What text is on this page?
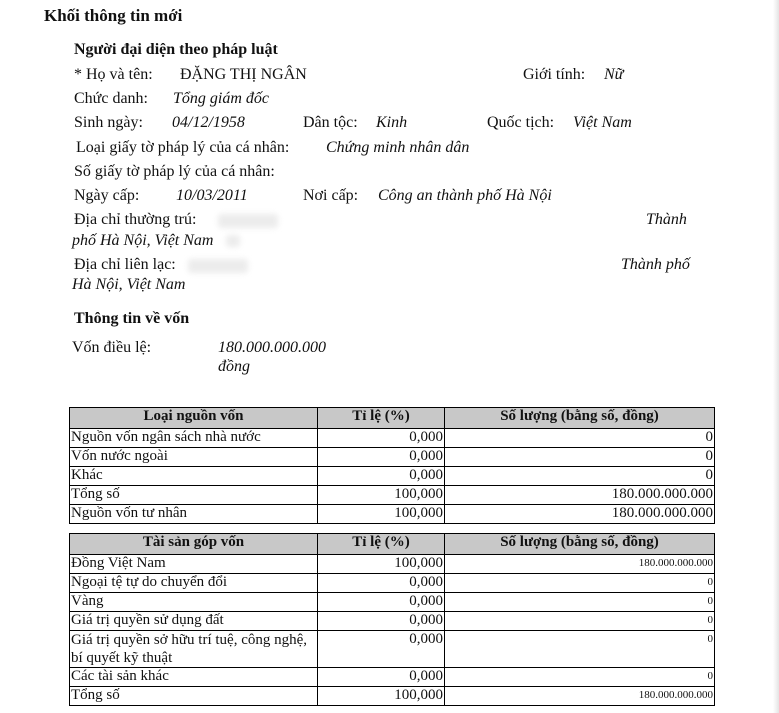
Khối thông tin mới
Người đại diện theo pháp luật
* Họ và tên: ĐẶNG THỊ NGÂN	Giới tính: Nữ
Chức danh: Tổng giám đốc
Sinh ngày: 04/12/1958	Dân tộc: Kinh	Quốc tịch: Việt Nam
Loại giấy tờ pháp lý của cá nhân: Chứng minh nhân dân
Số giấy tờ pháp lý của cá nhân:
Ngày cấp: 10/03/2011	Nơi cấp: Công an thành phố Hà Nội
Địa chỉ thường trú:	Thành
phố Hà Nội, Việt Nam
Địa chỉ liên lạc:	Thành phố
Hà Nội, Việt Nam
Thông tin về vốn
Vốn điều lệ:	180.000.000.000
đồng
Loại nguồn vốn	Tỉ lệ (%)	Số lượng (bằng số, đồng)
Nguồn vốn ngân sách nhà nước	0,000	0
Vốn nước ngoài	0,000	0
Khác	0,000	0
Tổng số	100,000	180.000.000.000
Nguồn vốn tư nhân	100,000	180.000.000.000
Tài sản góp vốn	Tỉ lệ (%)	Số lượng (bằng số, đồng)
Đồng Việt Nam	100,000	180.000.000.000
Ngoại tệ tự do chuyển đổi	0,000	0
Vàng	0,000	0
Giá trị quyền sử dụng đất	0,000	0
Giá trị quyền sở hữu trí tuệ, công nghệ, bí quyết kỹ thuật	0,000	0
Các tài sản khác	0,000	0
Tổng số	100,000	180.000.000.000
